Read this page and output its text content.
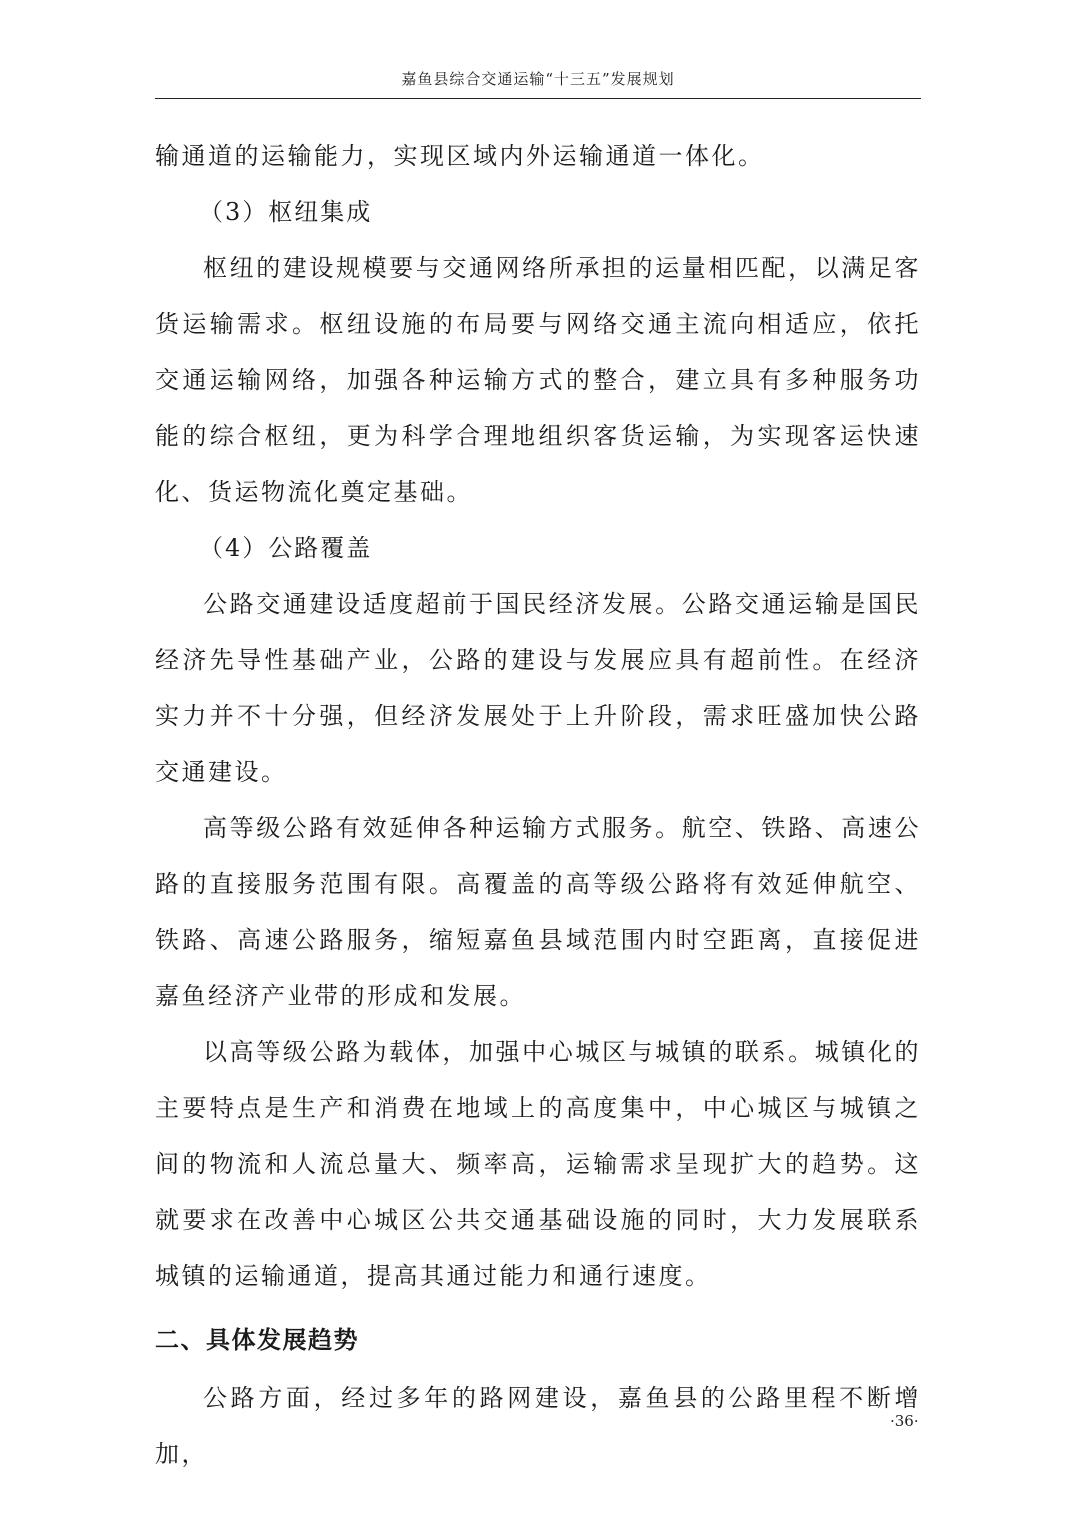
嘉鱼县综合交通运输“十三五”发展规划

输通道的运输能力，实现区域内外运输通道一体化。

（3）枢纽集成

枢纽的建设规模要与交通网络所承担的运量相匹配，以满足客货运输需求。枢纽设施的布局要与网络交通主流向相适应，依托交通运输网络，加强各种运输方式的整合，建立具有多种服务功能的综合枢纽，更为科学合理地组织客货运输，为实现客运快速化、货运物流化奠定基础。

（4）公路覆盖

公路交通建设适度超前于国民经济发展。公路交通运输是国民经济先导性基础产业，公路的建设与发展应具有超前性。在经济实力并不十分强，但经济发展处于上升阶段，需求旺盛加快公路交通建设。

高等级公路有效延伸各种运输方式服务。航空、铁路、高速公路的直接服务范围有限。高覆盖的高等级公路将有效延伸航空、铁路、高速公路服务，缩短嘉鱼县域范围内时空距离，直接促进嘉鱼经济产业带的形成和发展。

以高等级公路为载体，加强中心城区与城镇的联系。城镇化的主要特点是生产和消费在地域上的高度集中，中心城区与城镇之间的物流和人流总量大、频率高，运输需求呈现扩大的趋势。这就要求在改善中心城区公共交通基础设施的同时，大力发展联系城镇的运输通道，提高其通过能力和通行速度。

二、具体发展趋势

公路方面，经过多年的路网建设，嘉鱼县的公路里程不断增加，

·36·
